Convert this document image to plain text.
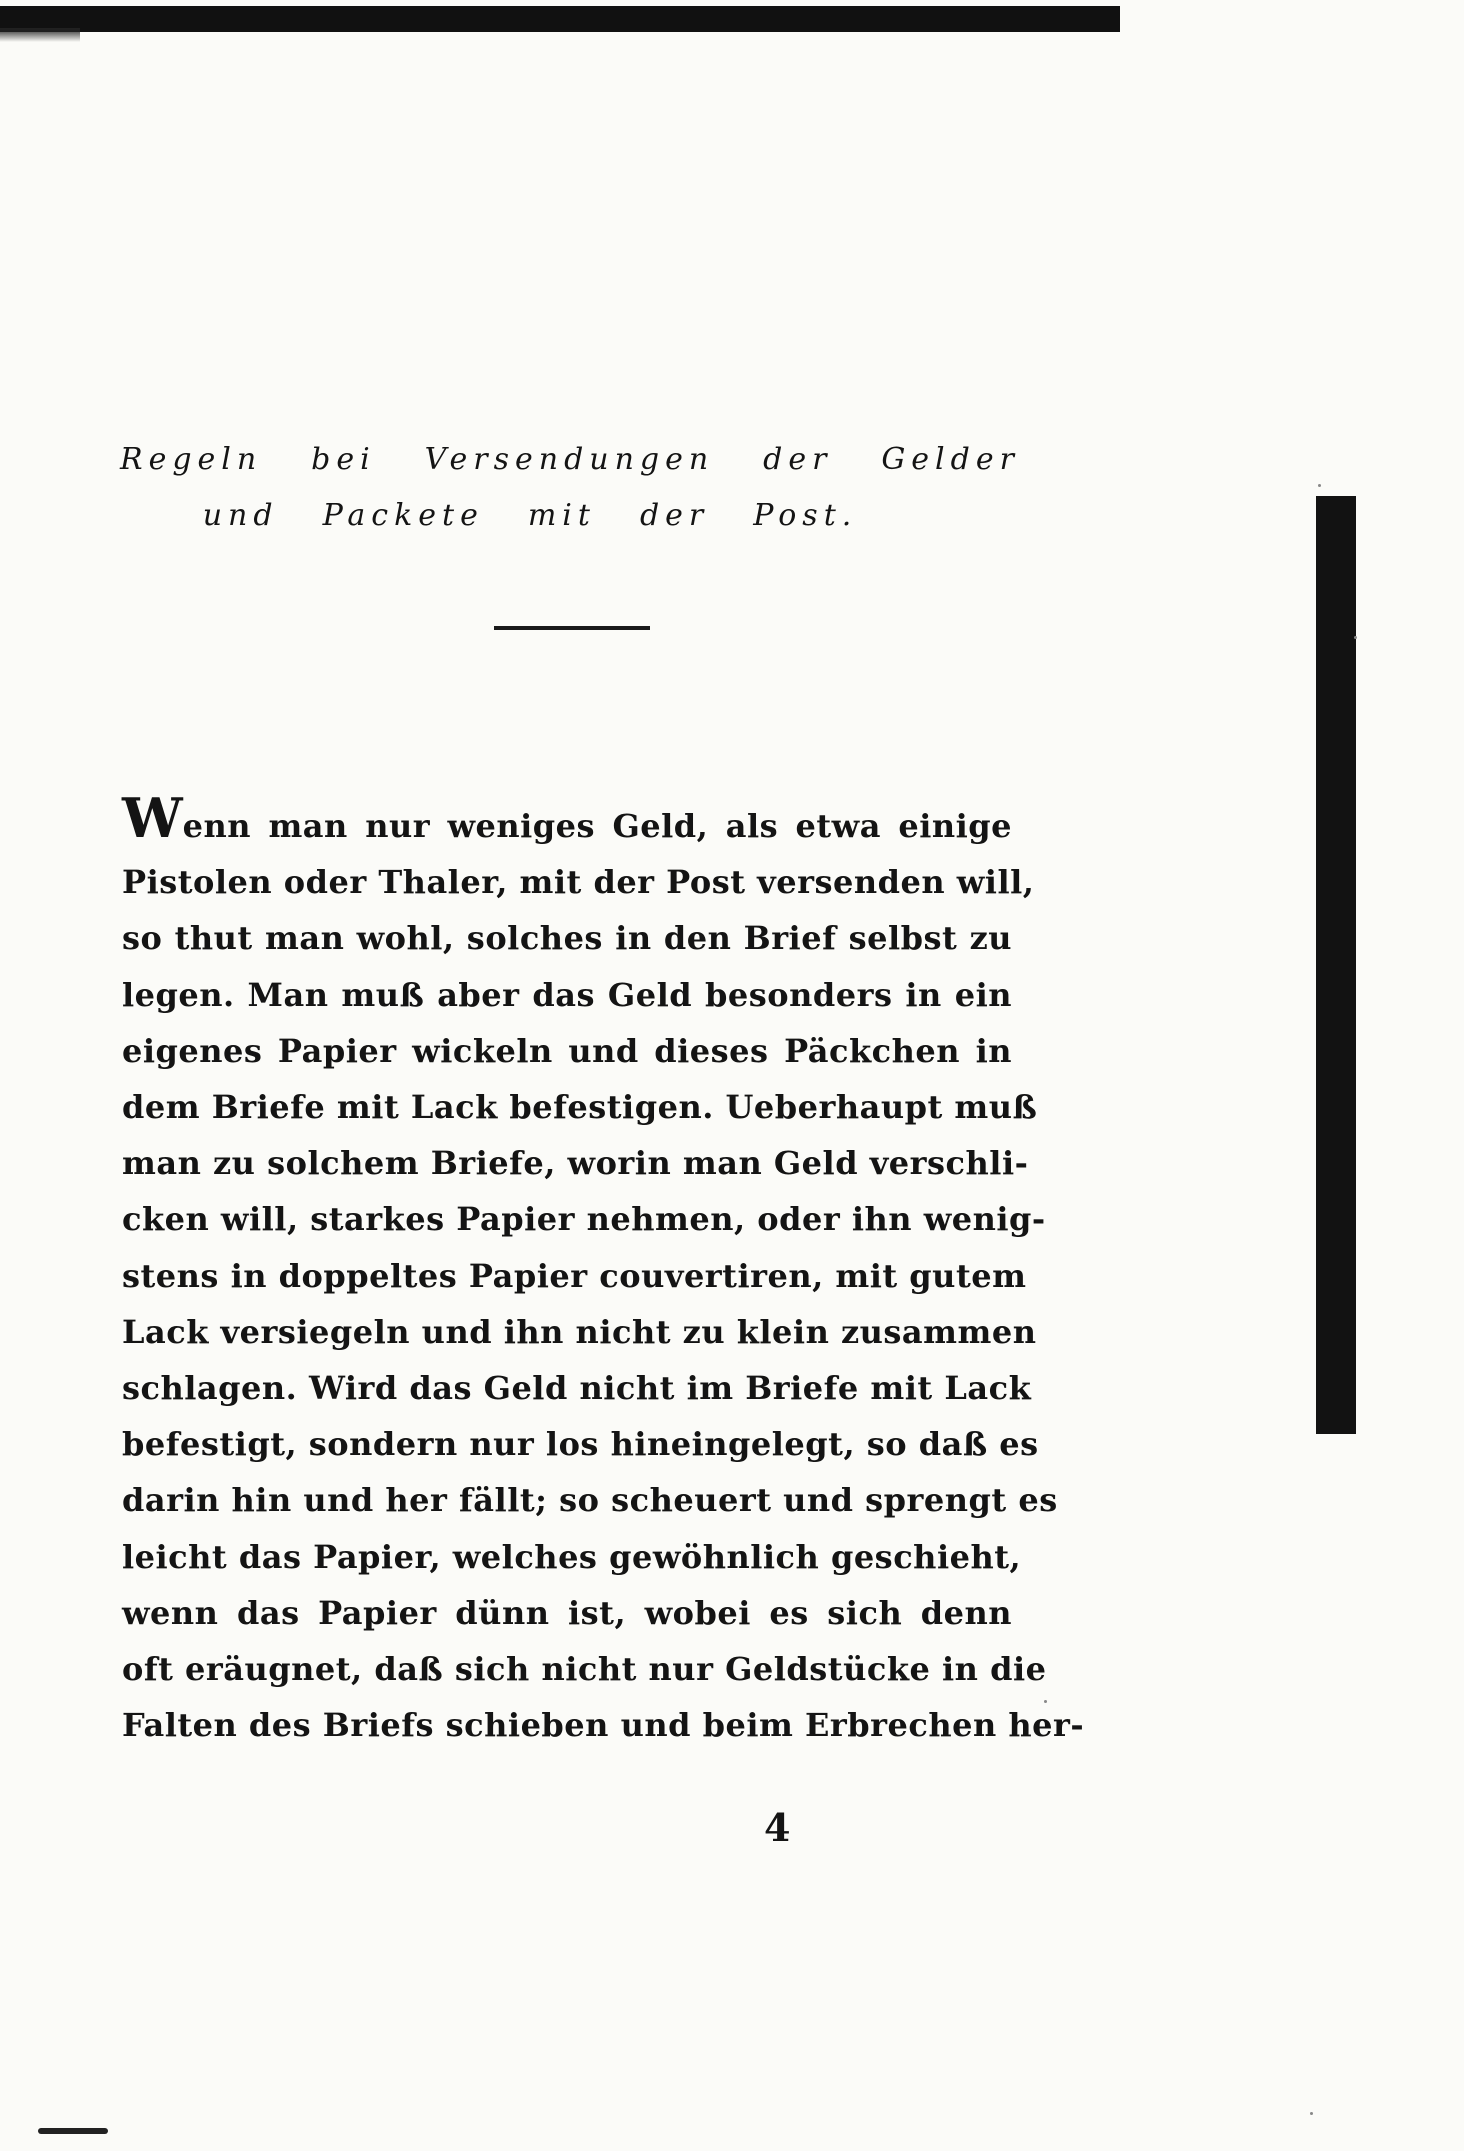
Regeln bei Versendungen der Gelder
und Packete mit der Post.
Wenn man nur weniges Geld, als etwa einige
Pistolen oder Thaler, mit der Post versenden will,
so thut man wohl, solches in den Brief selbst zu
legen. Man muß aber das Geld besonders in ein
eigenes Papier wickeln und dieses Päckchen in
dem Briefe mit Lack befestigen. Ueberhaupt muß
man zu solchem Briefe, worin man Geld verschli-
cken will, starkes Papier nehmen, oder ihn wenig-
stens in doppeltes Papier couvertiren, mit gutem
Lack versiegeln und ihn nicht zu klein zusammen
schlagen. Wird das Geld nicht im Briefe mit Lack
befestigt, sondern nur los hineingelegt, so daß es
darin hin und her fällt; so scheuert und sprengt es
leicht das Papier, welches gewöhnlich geschieht,
wenn das Papier dünn ist, wobei es sich denn
oft eräugnet, daß sich nicht nur Geldstücke in die
Falten des Briefs schieben und beim Erbrechen her-
4
